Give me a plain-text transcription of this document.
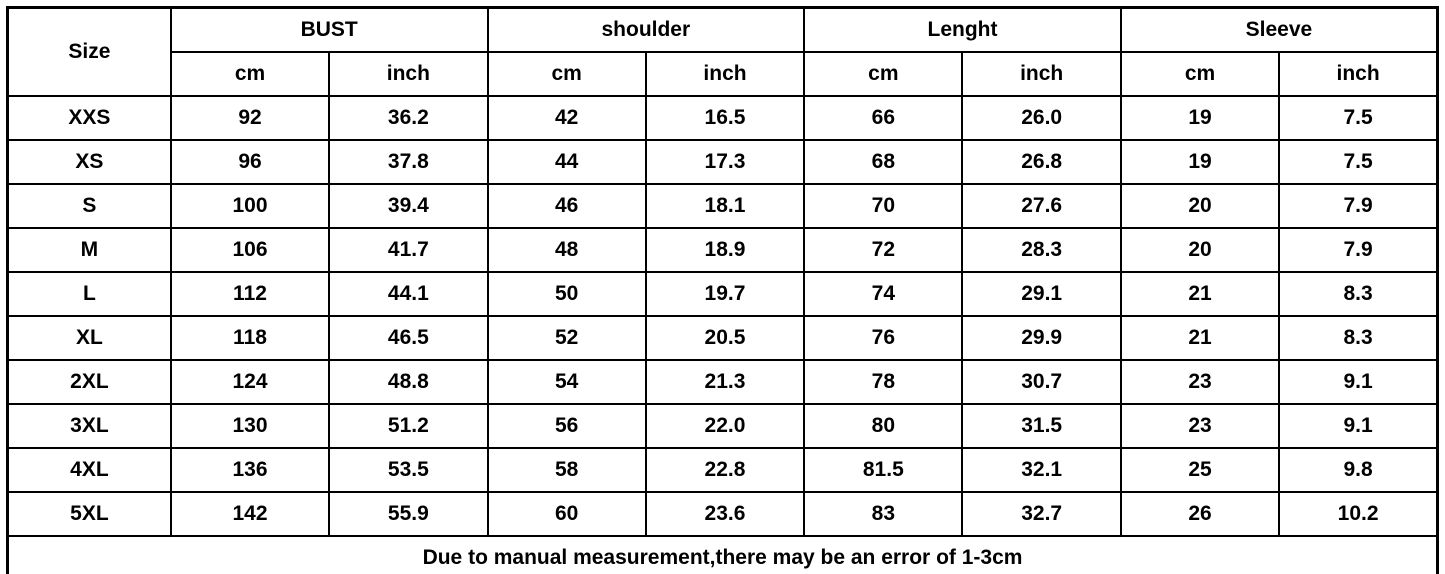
Size	BUST		shoulder		Lenght		Sleeve	
	cm	inch	cm	inch	cm	inch	cm	inch
XXS	92	36.2	42	16.5	66	26.0	19	7.5
XS	96	37.8	44	17.3	68	26.8	19	7.5
S	100	39.4	46	18.1	70	27.6	20	7.9
M	106	41.7	48	18.9	72	28.3	20	7.9
L	112	44.1	50	19.7	74	29.1	21	8.3
XL	118	46.5	52	20.5	76	29.9	21	8.3
2XL	124	48.8	54	21.3	78	30.7	23	9.1
3XL	130	51.2	56	22.0	80	31.5	23	9.1
4XL	136	53.5	58	22.8	81.5	32.1	25	9.8
5XL	142	55.9	60	23.6	83	32.7	26	10.2
Due to manual measurement,there may be an error of 1-3cm								
